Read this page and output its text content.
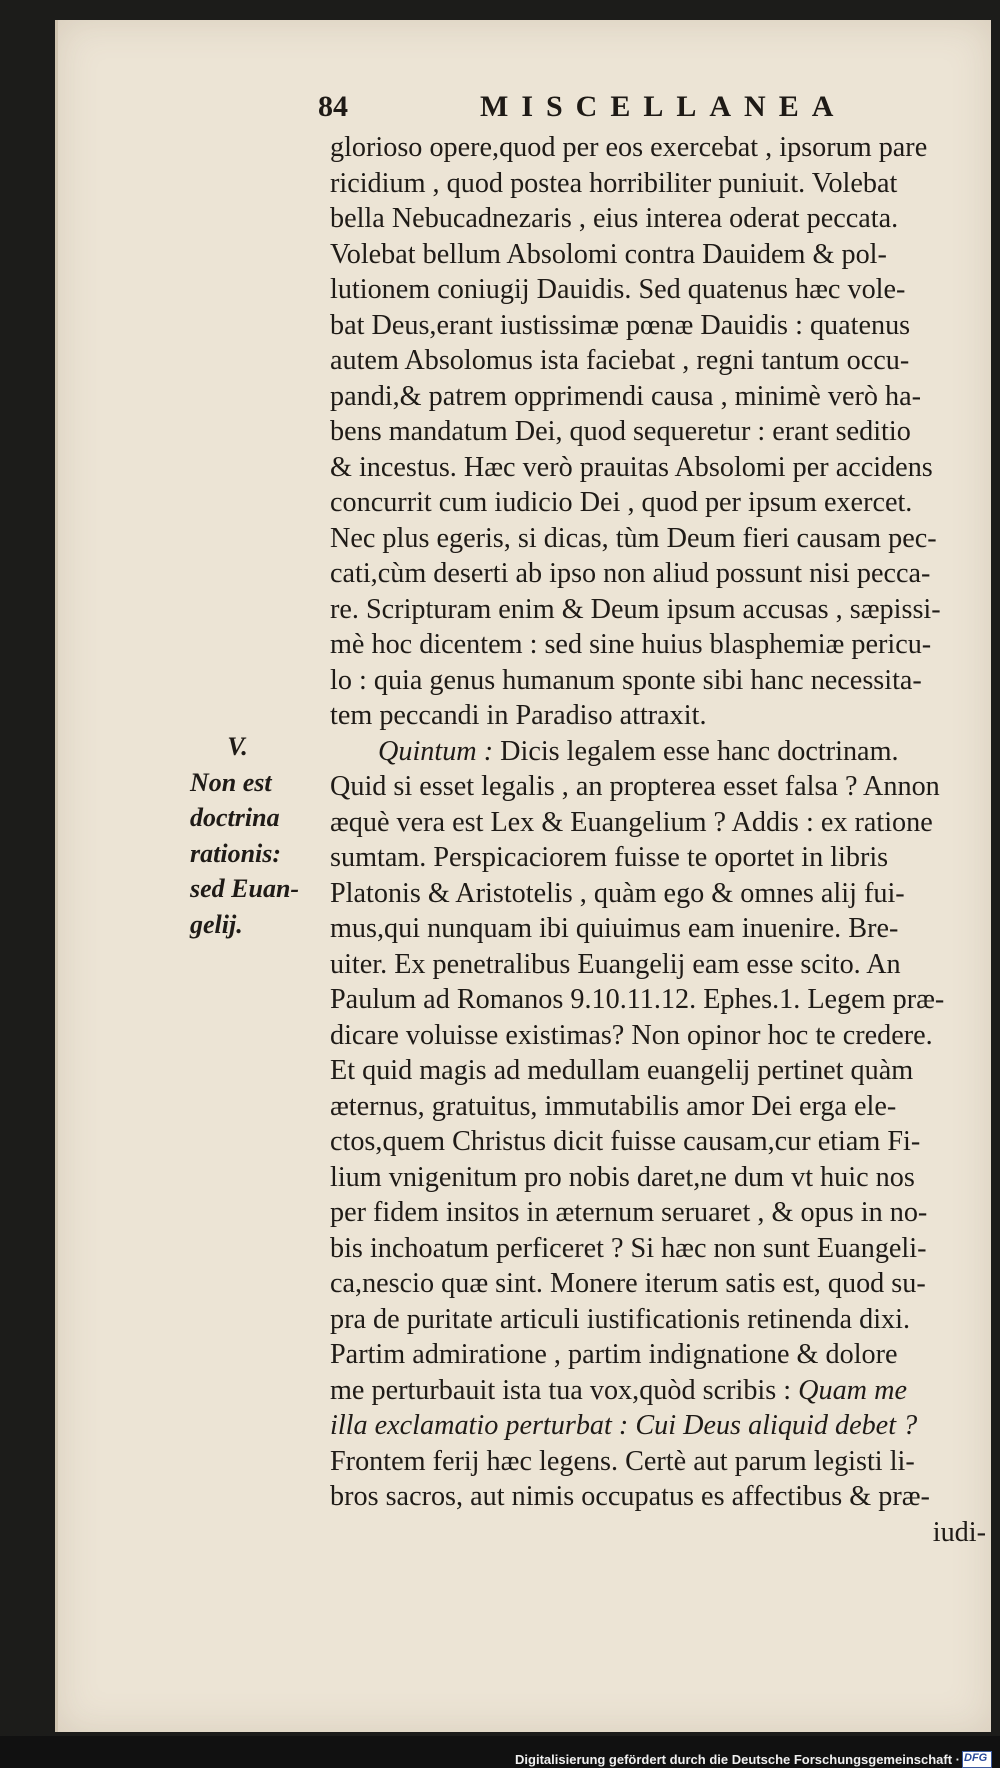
84	MISCELLANEA
V.
Non est
doctrina
rationis:
sed Euan-
gelij.
glorioso opere,quod per eos exercebat , ipsorum pare
ricidium , quod postea horribiliter puniuit. Volebat
bella Nebucadnezaris , eius interea oderat peccata.
Volebat bellum Absolomi contra Dauidem & pol-
lutionem coniugij Dauidis. Sed quatenus hæc vole-
bat Deus,erant iustissimæ pœnæ Dauidis : quatenus
autem Absolomus ista faciebat , regni tantum occu-
pandi,& patrem opprimendi causa , minimè verò ha-
bens mandatum Dei, quod sequeretur : erant seditio
& incestus. Hæc verò prauitas Absolomi per accidens
concurrit cum iudicio Dei , quod per ipsum exercet.
Nec plus egeris, si dicas, tùm Deum fieri causam pec-
cati,cùm deserti ab ipso non aliud possunt nisi pecca-
re. Scripturam enim & Deum ipsum accusas , sæpissi-
mè hoc dicentem : sed sine huius blasphemiæ pericu-
lo : quia genus humanum sponte sibi hanc necessita-
tem peccandi in Paradiso attraxit.
Quintum : Dicis legalem esse hanc doctrinam.
Quid si esset legalis , an propterea esset falsa ? Annon
æquè vera est Lex & Euangelium ? Addis : ex ratione
sumtam. Perspicaciorem fuisse te oportet in libris
Platonis & Aristotelis , quàm ego & omnes alij fui-
mus,qui nunquam ibi quiuimus eam inuenire. Bre-
uiter. Ex penetralibus Euangelij eam esse scito. An
Paulum ad Romanos 9.10.11.12. Ephes.1. Legem præ-
dicare voluisse existimas? Non opinor hoc te credere.
Et quid magis ad medullam euangelij pertinet quàm
æternus, gratuitus, immutabilis amor Dei erga ele-
ctos,quem Christus dicit fuisse causam,cur etiam Fi-
lium vnigenitum pro nobis daret,ne dum vt huic nos
per fidem insitos in æternum seruaret , & opus in no-
bis inchoatum perficeret ? Si hæc non sunt Euangeli-
ca,nescio quæ sint. Monere iterum satis est, quod su-
pra de puritate articuli iustificationis retinenda dixi.
Partim admiratione , partim indignatione & dolore
me perturbauit ista tua vox,quòd scribis : Quam me
illa exclamatio perturbat : Cui Deus aliquid debet ?
Frontem ferij hæc legens. Certè aut parum legisti li-
bros sacros, aut nimis occupatus es affectibus & præ-
iudi-
Digitalisierung gefördert durch die Deutsche Forschungsgemeinschaft · DFG
